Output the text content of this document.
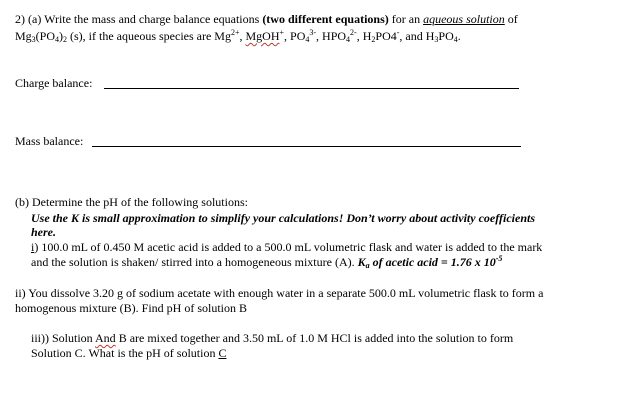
2) (a) Write the mass and charge balance equations (two different equations) for an aqueous solution of
$Mg_3(PO_4)_2$ (s), if the aqueous species are $Mg^{2+}$, MgOH+, $PO_4^{3-}$, $HPO_4^{2-}$, $H_2PO4^-$, and $H_3PO_4$.
Charge balance:
Mass balance:
(b) Determine the pH of the following solutions:
Use the K is small approximation to simplify your calculations! Don’t worry about activity coefficients
here.
i) 100.0 mL of 0.450 M acetic acid is added to a 500.0 mL volumetric flask and water is added to the mark
and the solution is shaken/ stirred into a homogeneous mixture (A). $K_a$ of acetic acid = 1.76 x $10^{-5}$
ii) You dissolve 3.20 g of sodium acetate with enough water in a separate 500.0 mL volumetric flask to form a
homogenous mixture (B). Find pH of solution B
iii)) Solution And B are mixed together and 3.50 mL of 1.0 M HCl is added into the solution to form
Solution C. What is the pH of solution C
